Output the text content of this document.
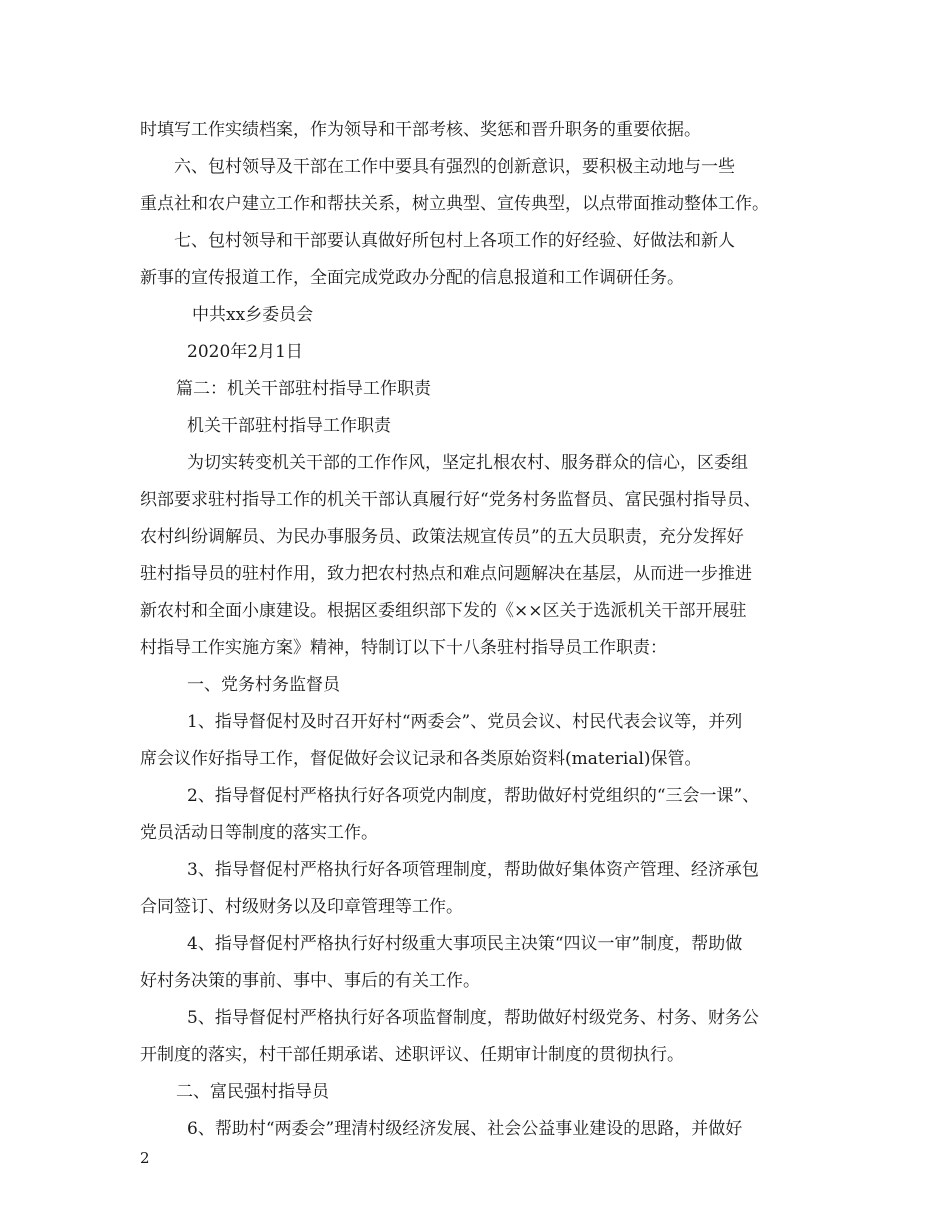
时填写工作实绩档案，作为领导和干部考核、奖惩和晋升职务的重要依据。
六、包村领导及干部在工作中要具有强烈的创新意识，要积极主动地与一些
重点社和农户建立工作和帮扶关系，树立典型、宣传典型，以点带面推动整体工作。
七、包村领导和干部要认真做好所包村上各项工作的好经验、好做法和新人
新事的宣传报道工作，全面完成党政办分配的信息报道和工作调研任务。
中共xx乡委员会
2020年2月1日
篇二：机关干部驻村指导工作职责
机关干部驻村指导工作职责
为切实转变机关干部的工作作风，坚定扎根农村、服务群众的信心，区委组
织部要求驻村指导工作的机关干部认真履行好“党务村务监督员、富民强村指导员、
农村纠纷调解员、为民办事服务员、政策法规宣传员”的五大员职责，充分发挥好
驻村指导员的驻村作用，致力把农村热点和难点问题解决在基层，从而进一步推进
新农村和全面小康建设。根据区委组织部下发的《××区关于选派机关干部开展驻
村指导工作实施方案》精神，特制订以下十八条驻村指导员工作职责：
一、党务村务监督员
1、指导督促村及时召开好村“两委会”、党员会议、村民代表会议等，并列
席会议作好指导工作，督促做好会议记录和各类原始资料(material)保管。
2、指导督促村严格执行好各项党内制度，帮助做好村党组织的“三会一课”、
党员活动日等制度的落实工作。
3、指导督促村严格执行好各项管理制度，帮助做好集体资产管理、经济承包
合同签订、村级财务以及印章管理等工作。
4、指导督促村严格执行好村级重大事项民主决策“四议一审”制度，帮助做
好村务决策的事前、事中、事后的有关工作。
5、指导督促村严格执行好各项监督制度，帮助做好村级党务、村务、财务公
开制度的落实，村干部任期承诺、述职评议、任期审计制度的贯彻执行。
二、富民强村指导员
6、帮助村“两委会”理清村级经济发展、社会公益事业建设的思路，并做好
2
